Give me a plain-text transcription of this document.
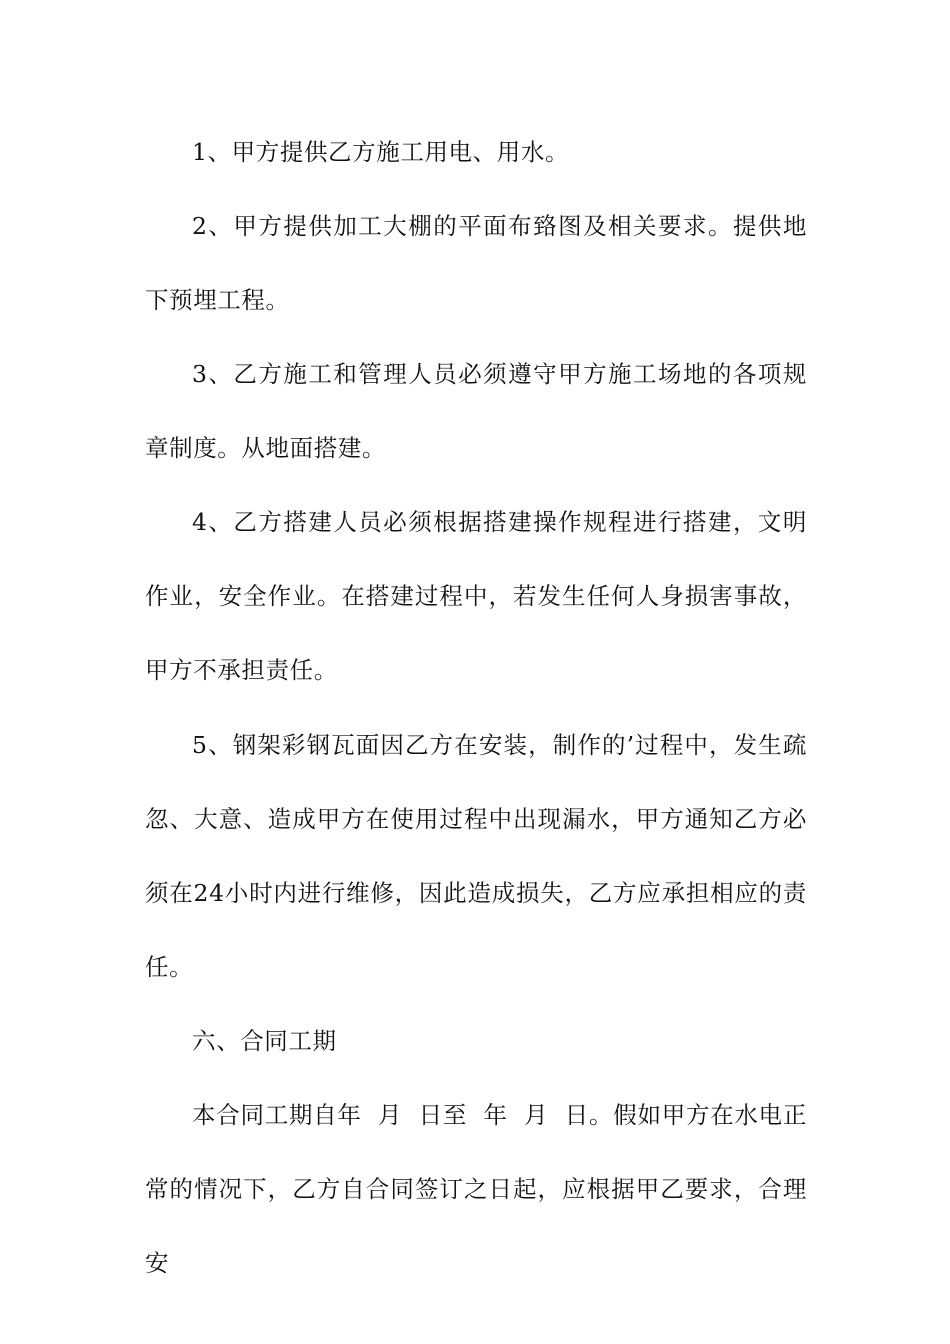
1、甲方提供乙方施工用电、用水。

2、甲方提供加工大棚的平面布臵图及相关要求。提供地下预埋工程。

3、乙方施工和管理人员必须遵守甲方施工场地的各项规章制度。从地面搭建。

4、乙方搭建人员必须根据搭建操作规程进行搭建，文明作业，安全作业。在搭建过程中，若发生任何人身损害事故，甲方不承担责任。

5、钢架彩钢瓦面因乙方在安装，制作的’过程中，发生疏忽、大意、造成甲方在使用过程中出现漏水，甲方通知乙方必须在24小时内进行维修，因此造成损失，乙方应承担相应的责任。

六、合同工期

本合同工期自年  月  日至  年  月  日。假如甲方在水电正常的情况下，乙方自合同签订之日起，应根据甲乙要求，合理安
